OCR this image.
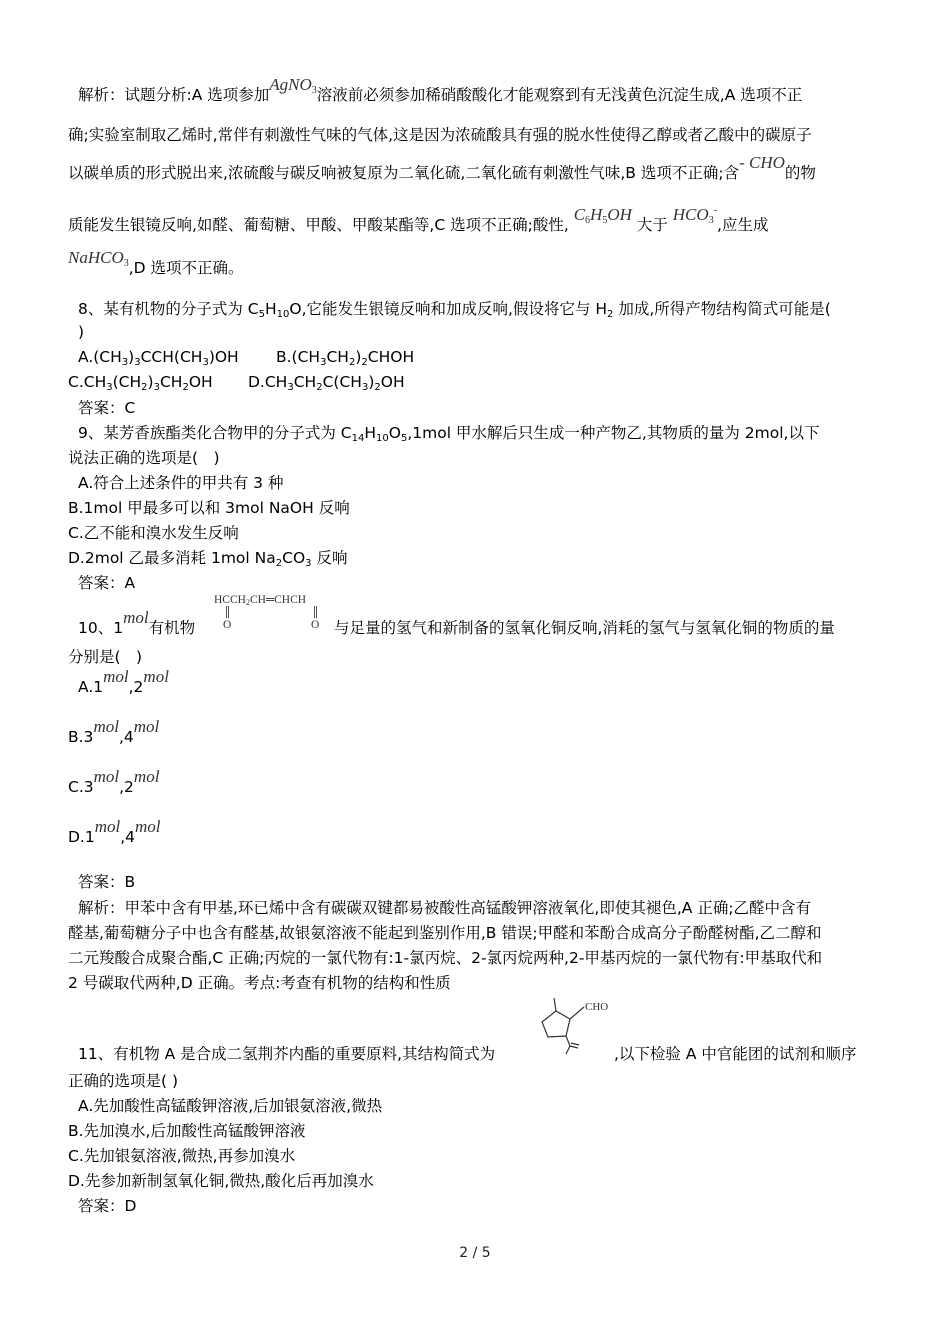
解析：试题分析:A 选项参加AgNO$_3$溶液前必须参加稀硝酸酸化才能观察到有无浅黄色沉淀生成,A 选项不正
确;实验室制取乙烯时,常伴有刺激性气味的气体,这是因为浓硫酸具有强的脱水性使得乙醇或者乙酸中的碳原子
以碳单质的形式脱出来,浓硫酸与碳反响被复原为二氧化硫,二氧化硫有刺激性气味,B 选项不正确;含- CHO的物
质能发生银镜反响,如醛、葡萄糖、甲酸、甲酸某酯等,C 选项不正确;酸性, $C_6H_5OH$ 大于 $HCO_3^-$,应生成
NaHCO$_3$,D 选项不正确。
8、某有机物的分子式为 C5H10O,它能发生银镜反响和加成反响,假设将它与 H2 加成,所得产物结构简式可能是(
)
A.(CH3)3CCH(CH3)OH B.(CH3CH2)2CHOH
C.CH3(CH2)3CH2OH D.CH3CH2C(CH3)2OH
答案：C
9、某芳香族酯类化合物甲的分子式为 C14H10O5,1mol 甲水解后只生成一种产物乙,其物质的量为 2mol,以下
说法正确的选项是(　)
A.符合上述条件的甲共有 3 种
B.1mol 甲最多可以和 3mol NaOH 反响
C.乙不能和溴水发生反响
D.2mol 乙最多消耗 1mol Na2CO3 反响
答案：A
10、1mol有机物
HCCH2CH═CHCH
O	O 与足量的氢气和新制备的氢氧化铜反响,消耗的氢气与氢氧化铜的物质的量
分别是(　)
A.1mol,2mol
B.3mol,4mol
C.3mol,2mol
D.1mol,4mol
答案：B
解析：甲苯中含有甲基,环已烯中含有碳碳双键都易被酸性高锰酸钾溶液氧化,即使其褪色,A 正确;乙醛中含有
醛基,葡萄糖分子中也含有醛基,故银氨溶液不能起到鉴别作用,B 错误;甲醛和苯酚合成高分子酚醛树酯,乙二醇和
二元羧酸合成聚合酯,C 正确;丙烷的一氯代物有:1-氯丙烷、2-氯丙烷两种,2-甲基丙烷的一氯代物有:甲基取代和
2 号碳取代两种,D 正确。考点:考查有机物的结构和性质
11、有机物 A 是合成二氢荆芥内酯的重要原料,其结构简式为
CHO
,以下检验 A 中官能团的试剂和顺序
正确的选项是( )
A.先加酸性高锰酸钾溶液,后加银氨溶液,微热
B.先加溴水,后加酸性高锰酸钾溶液
C.先加银氨溶液,微热,再参加溴水
D.先参加新制氢氧化铜,微热,酸化后再加溴水
答案：D
2 / 5
